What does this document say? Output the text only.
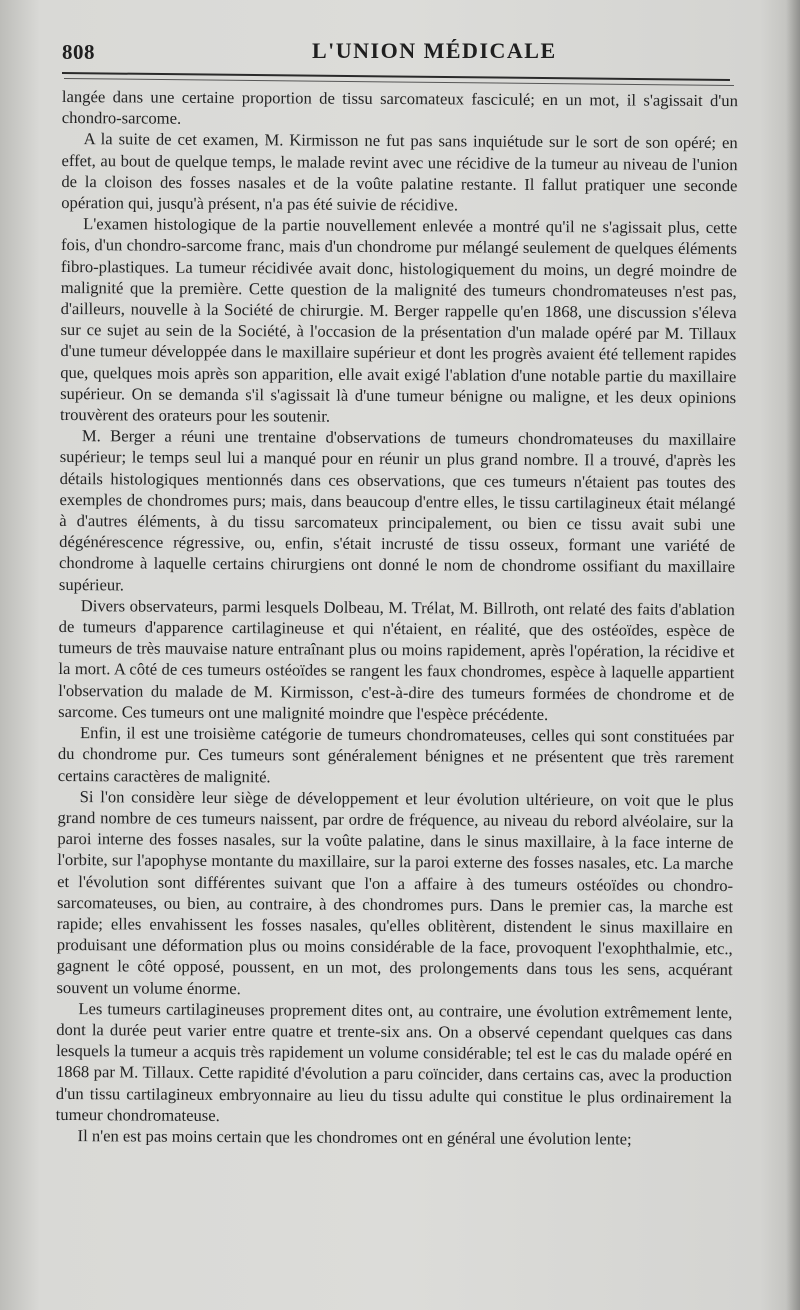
808	L'UNION MÉDICALE

langée dans une certaine proportion de tissu sarcomateux fasciculé; en un mot, il s'agissait d'un chondro-sarcome.

A la suite de cet examen, M. Kirmisson ne fut pas sans inquiétude sur le sort de son opéré; en effet, au bout de quelque temps, le malade revint avec une récidive de la tumeur au niveau de l'union de la cloison des fosses nasales et de la voûte palatine restante. Il fallut pratiquer une seconde opération qui, jusqu'à présent, n'a pas été suivie de récidive.

L'examen histologique de la partie nouvellement enlevée a montré qu'il ne s'agissait plus, cette fois, d'un chondro-sarcome franc, mais d'un chondrome pur mélangé seulement de quelques éléments fibro-plastiques. La tumeur récidivée avait donc, histologiquement du moins, un degré moindre de malignité que la première. Cette question de la malignité des tumeurs chondromateuses n'est pas, d'ailleurs, nouvelle à la Société de chirurgie. M. Berger rappelle qu'en 1868, une discussion s'éleva sur ce sujet au sein de la Société, à l'occasion de la présentation d'un malade opéré par M. Tillaux d'une tumeur développée dans le maxillaire supérieur et dont les progrès avaient été tellement rapides que, quelques mois après son apparition, elle avait exigé l'ablation d'une notable partie du maxillaire supérieur. On se demanda s'il s'agissait là d'une tumeur bénigne ou maligne, et les deux opinions trouvèrent des orateurs pour les soutenir.

M. Berger a réuni une trentaine d'observations de tumeurs chondromateuses du maxillaire supérieur; le temps seul lui a manqué pour en réunir un plus grand nombre. Il a trouvé, d'après les détails histologiques mentionnés dans ces observations, que ces tumeurs n'étaient pas toutes des exemples de chondromes purs; mais, dans beaucoup d'entre elles, le tissu cartilagineux était mélangé à d'autres éléments, à du tissu sarcomateux principalement, ou bien ce tissu avait subi une dégénérescence régressive, ou, enfin, s'était incrusté de tissu osseux, formant une variété de chondrome à laquelle certains chirurgiens ont donné le nom de chondrome ossifiant du maxillaire supérieur.

Divers observateurs, parmi lesquels Dolbeau, M. Trélat, M. Billroth, ont relaté des faits d'ablation de tumeurs d'apparence cartilagineuse et qui n'étaient, en réalité, que des ostéoïdes, espèce de tumeurs de très mauvaise nature entraînant plus ou moins rapidement, après l'opération, la récidive et la mort. A côté de ces tumeurs ostéoïdes se rangent les faux chondromes, espèce à laquelle appartient l'observation du malade de M. Kirmisson, c'est-à-dire des tumeurs formées de chondrome et de sarcome. Ces tumeurs ont une malignité moindre que l'espèce précédente.

Enfin, il est une troisième catégorie de tumeurs chondromateuses, celles qui sont constituées par du chondrome pur. Ces tumeurs sont généralement bénignes et ne présentent que très rarement certains caractères de malignité.

Si l'on considère leur siège de développement et leur évolution ultérieure, on voit que le plus grand nombre de ces tumeurs naissent, par ordre de fréquence, au niveau du rebord alvéolaire, sur la paroi interne des fosses nasales, sur la voûte palatine, dans le sinus maxillaire, à la face interne de l'orbite, sur l'apophyse montante du maxillaire, sur la paroi externe des fosses nasales, etc. La marche et l'évolution sont différentes suivant que l'on a affaire à des tumeurs ostéoïdes ou chondro-sarcomateuses, ou bien, au contraire, à des chondromes purs. Dans le premier cas, la marche est rapide; elles envahissent les fosses nasales, qu'elles oblitèrent, distendent le sinus maxillaire en produisant une déformation plus ou moins considérable de la face, provoquent l'exophthalmie, etc., gagnent le côté opposé, poussent, en un mot, des prolongements dans tous les sens, acquérant souvent un volume énorme.

Les tumeurs cartilagineuses proprement dites ont, au contraire, une évolution extrêmement lente, dont la durée peut varier entre quatre et trente-six ans. On a observé cependant quelques cas dans lesquels la tumeur a acquis très rapidement un volume considérable; tel est le cas du malade opéré en 1868 par M. Tillaux. Cette rapidité d'évolution a paru coïncider, dans certains cas, avec la production d'un tissu cartilagineux embryonnaire au lieu du tissu adulte qui constitue le plus ordinairement la tumeur chondromateuse.

Il n'en est pas moins certain que les chondromes ont en général une évolution lente;
